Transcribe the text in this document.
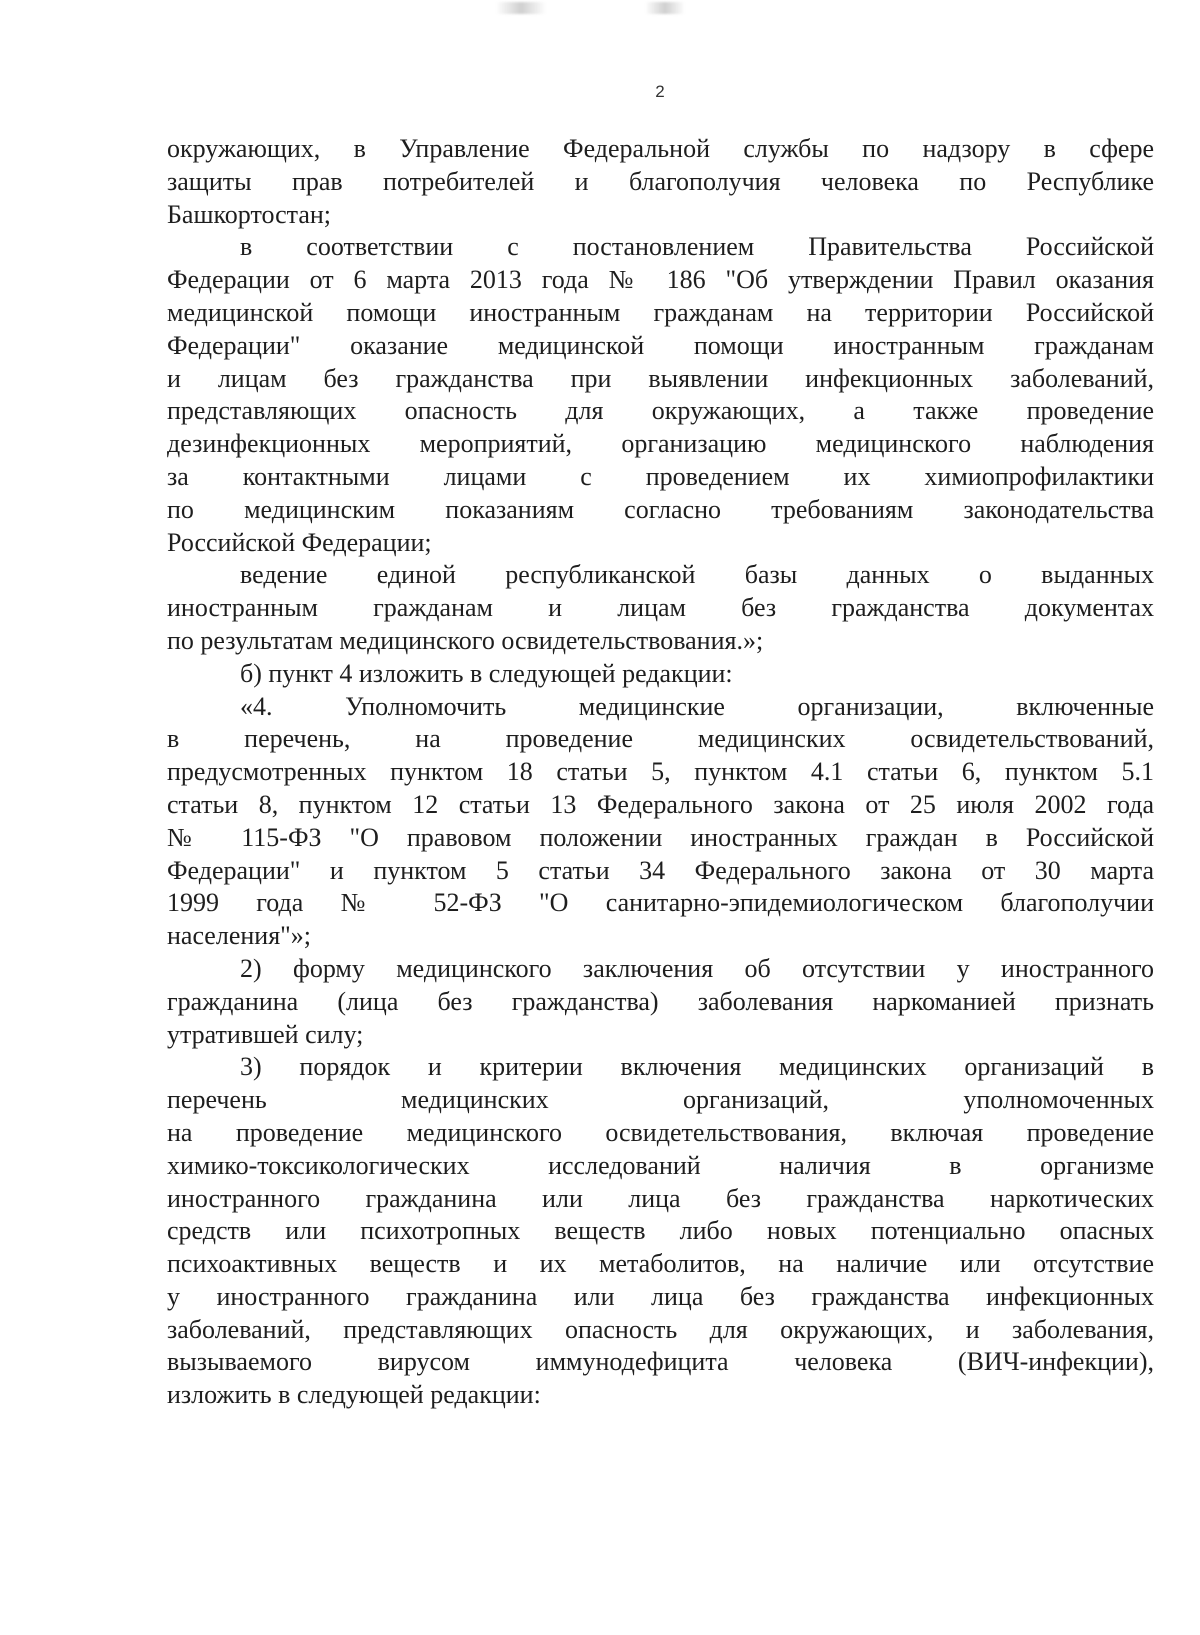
2
окружающих, в Управление Федеральной службы по надзору в сфере
защиты прав потребителей и благополучия человека по Республике
Башкортостан;
в соответствии с постановлением Правительства Российской
Федерации от 6 марта 2013 года № 186 "Об утверждении Правил оказания
медицинской помощи иностранным гражданам на территории Российской
Федерации" оказание медицинской помощи иностранным гражданам
и лицам без гражданства при выявлении инфекционных заболеваний,
представляющих опасность для окружающих, а также проведение
дезинфекционных мероприятий, организацию медицинского наблюдения
за контактными лицами с проведением их химиопрофилактики
по медицинским показаниям согласно требованиям законодательства
Российской Федерации;
ведение единой республиканской базы данных о выданных
иностранным гражданам и лицам без гражданства документах
по результатам медицинского освидетельствования.»;
б) пункт 4 изложить в следующей редакции:
«4. Уполномочить медицинские организации, включенные
в перечень, на проведение медицинских освидетельствований,
предусмотренных пунктом 18 статьи 5, пунктом 4.1 статьи 6, пунктом 5.1
статьи 8, пунктом 12 статьи 13 Федерального закона от 25 июля 2002 года
№ 115-ФЗ "О правовом положении иностранных граждан в Российской
Федерации" и пунктом 5 статьи 34 Федерального закона от 30 марта
1999 года № 52-ФЗ "О санитарно-эпидемиологическом благополучии
населения"»;
2) форму медицинского заключения об отсутствии у иностранного
гражданина (лица без гражданства) заболевания наркоманией признать
утратившей силу;
3) порядок и критерии включения медицинских организаций в
перечень медицинских организаций, уполномоченных
на проведение медицинского освидетельствования, включая проведение
химико-токсикологических исследований наличия в организме
иностранного гражданина или лица без гражданства наркотических
средств или психотропных веществ либо новых потенциально опасных
психоактивных веществ и их метаболитов, на наличие или отсутствие
у иностранного гражданина или лица без гражданства инфекционных
заболеваний, представляющих опасность для окружающих, и заболевания,
вызываемого вирусом иммунодефицита человека (ВИЧ-инфекции),
изложить в следующей редакции:
